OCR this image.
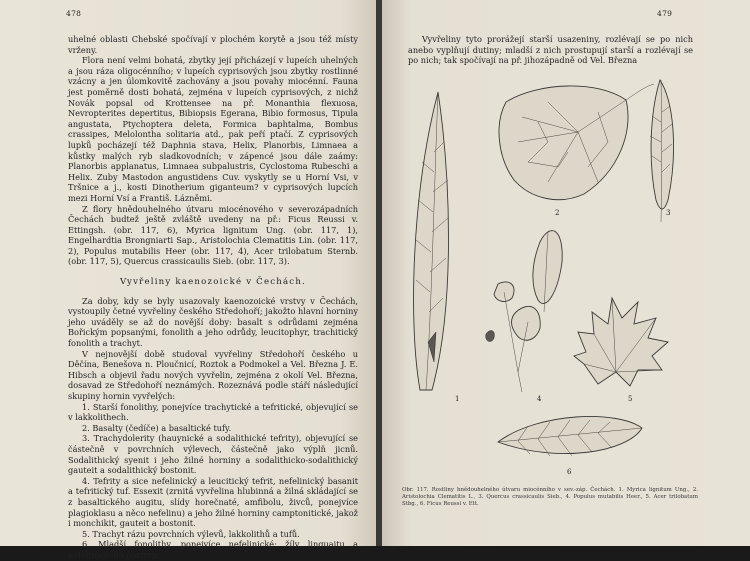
478

uhelné oblasti Chebské spočívají v plochém korytě a jsou též místy vrženy.

Flora není velmi bohatá, zbytky její přicházejí v lupeích uhelných a jsou ráza oligocénního; v lupeích cyprisových jsou zbytky rostlinné vzácny a jen úlomkovitě zachovány a jsou povahy miocénní. Fauna jest poměrně dosti bohatá, zejména v lupeích cyprisových, z nichž Novák popsal od Krottensee na př. Monanthia flexuosa, Nevropterites depertitus, Bibiopsis Egerana, Bibio formosus, Tipula angustata, Ptychoptera deleta, Formica baphtalma, Bombus crassipes, Melolontha solitaria atd., pak peří ptačí. Z cyprisových lupků pocházejí též Daphnia stava, Helix, Planorbis, Limnaea a kůstky malých ryb sladkovodních; v zápencé jsou dále zaámy: Planorbis applanatus, Limnaea subpalustris, Cyclostoma Rubeschi a Helix. Zuby Mastodon angustidens Cuv. vyskytly se u Horní Vsi, v Tršnice a j., kosti Dinotherium giganteum? v cyprisových lupcích mezi Horní Vsí a Františ. Lázněmi.

Z flory hnědouhelného útvaru miocénového v severozápadních Čechách budtež ještě zvláště uvedeny na př.: Ficus Reussi v. Ettingsh. (obr. 117, 6), Myrica lignitum Ung. (obr. 117, 1), Engelhardtia Brongniarti Sap., Aristolochia Clematitis Lin. (obr. 117, 2), Populus mutabilis Heer (obr. 117, 4), Acer trilobatum Sternb. (obr. 117, 5), Quercus crassicaulis Sieb. (obr. 117, 3).

Vyvřeliny kaenozoické v Čechách.

Za doby, kdy se byly usazovaly kaenozoické vrstvy v Čechách, vystoupily četné vyvřeliny českého Středohoří; jakožto hlavní horniny jeho uváděly se až do novější doby: basalt s odrůdami zejména Bořickým popsanými, fonolith a jeho odrůdy, leucitophyr, trachitický fonolith a trachyt.

V nejnovější době studoval vyvřeliny Středohoří českého u Děčína, Benešova n. Ploučnicí, Roztok a Podmokel a Vel. Března J. E. Hibsch a objevil řadu nových vyvřelin, zejména z okolí Vel. Března, dosavad ze Středohoří neznámých. Rozeznává podle stáří následující skupiny hornin vyvřelých:

1. Starší fonolithy, ponejvíce trachytické a tefritické, objevující se v lakkolithech.

2. Basalty (čedíče) a basaltické tufy.

3. Trachydolerity (hauynické a sodalithické tefrity), objevující se částečně v povrchních výlevech, částečně jako výplň jicnů. Sodalithický syenit i jeho žilné horniny a sodalithicko-sodalithický gauteit a sodalithický bostonit.

4. Tefrity a sice nefelinický a leucitický tefrit, nefelinický basanit a tefritický tuf. Essexit (zrnitá vyvřelina hlubinná a žilná skládající se z basaltického augitu, slídy horečnaté, amfibolu, živců, ponejvíce plagioklasu a něco nefelinu) a jeho žilné horniny camptonitické, jakož i monchikit, gauteit a bostonit.

5. Trachyt rázu povrchních výlevů, lakkolithů a tufů.

6. Mladší fonolithy, ponejvíce nefelinické; žíly linguaitu a nefelinického porfyru.

479
Vyvřeliny tyto prorážejí starší usazeniny, rozlévají se po nich anebo vyplňují dutiny; mladší z nich prostupují starší a rozlévají se po nich; tak spočívají na př. jihozápadně od Vel. Března
1
2	3
4	5
6
Obr. 117. Rostliny hnědouhelného útvaru miocénního v sev.-záp. Čechách. 1. Myrica lignitum Ung., 2. Aristolochia Clematitis L., 3. Quercus crassicaulis Sieb., 4. Populus mutabilis Heer., 5. Acer trilobatum Stbg., 6. Ficus Reussi v. Ett.
